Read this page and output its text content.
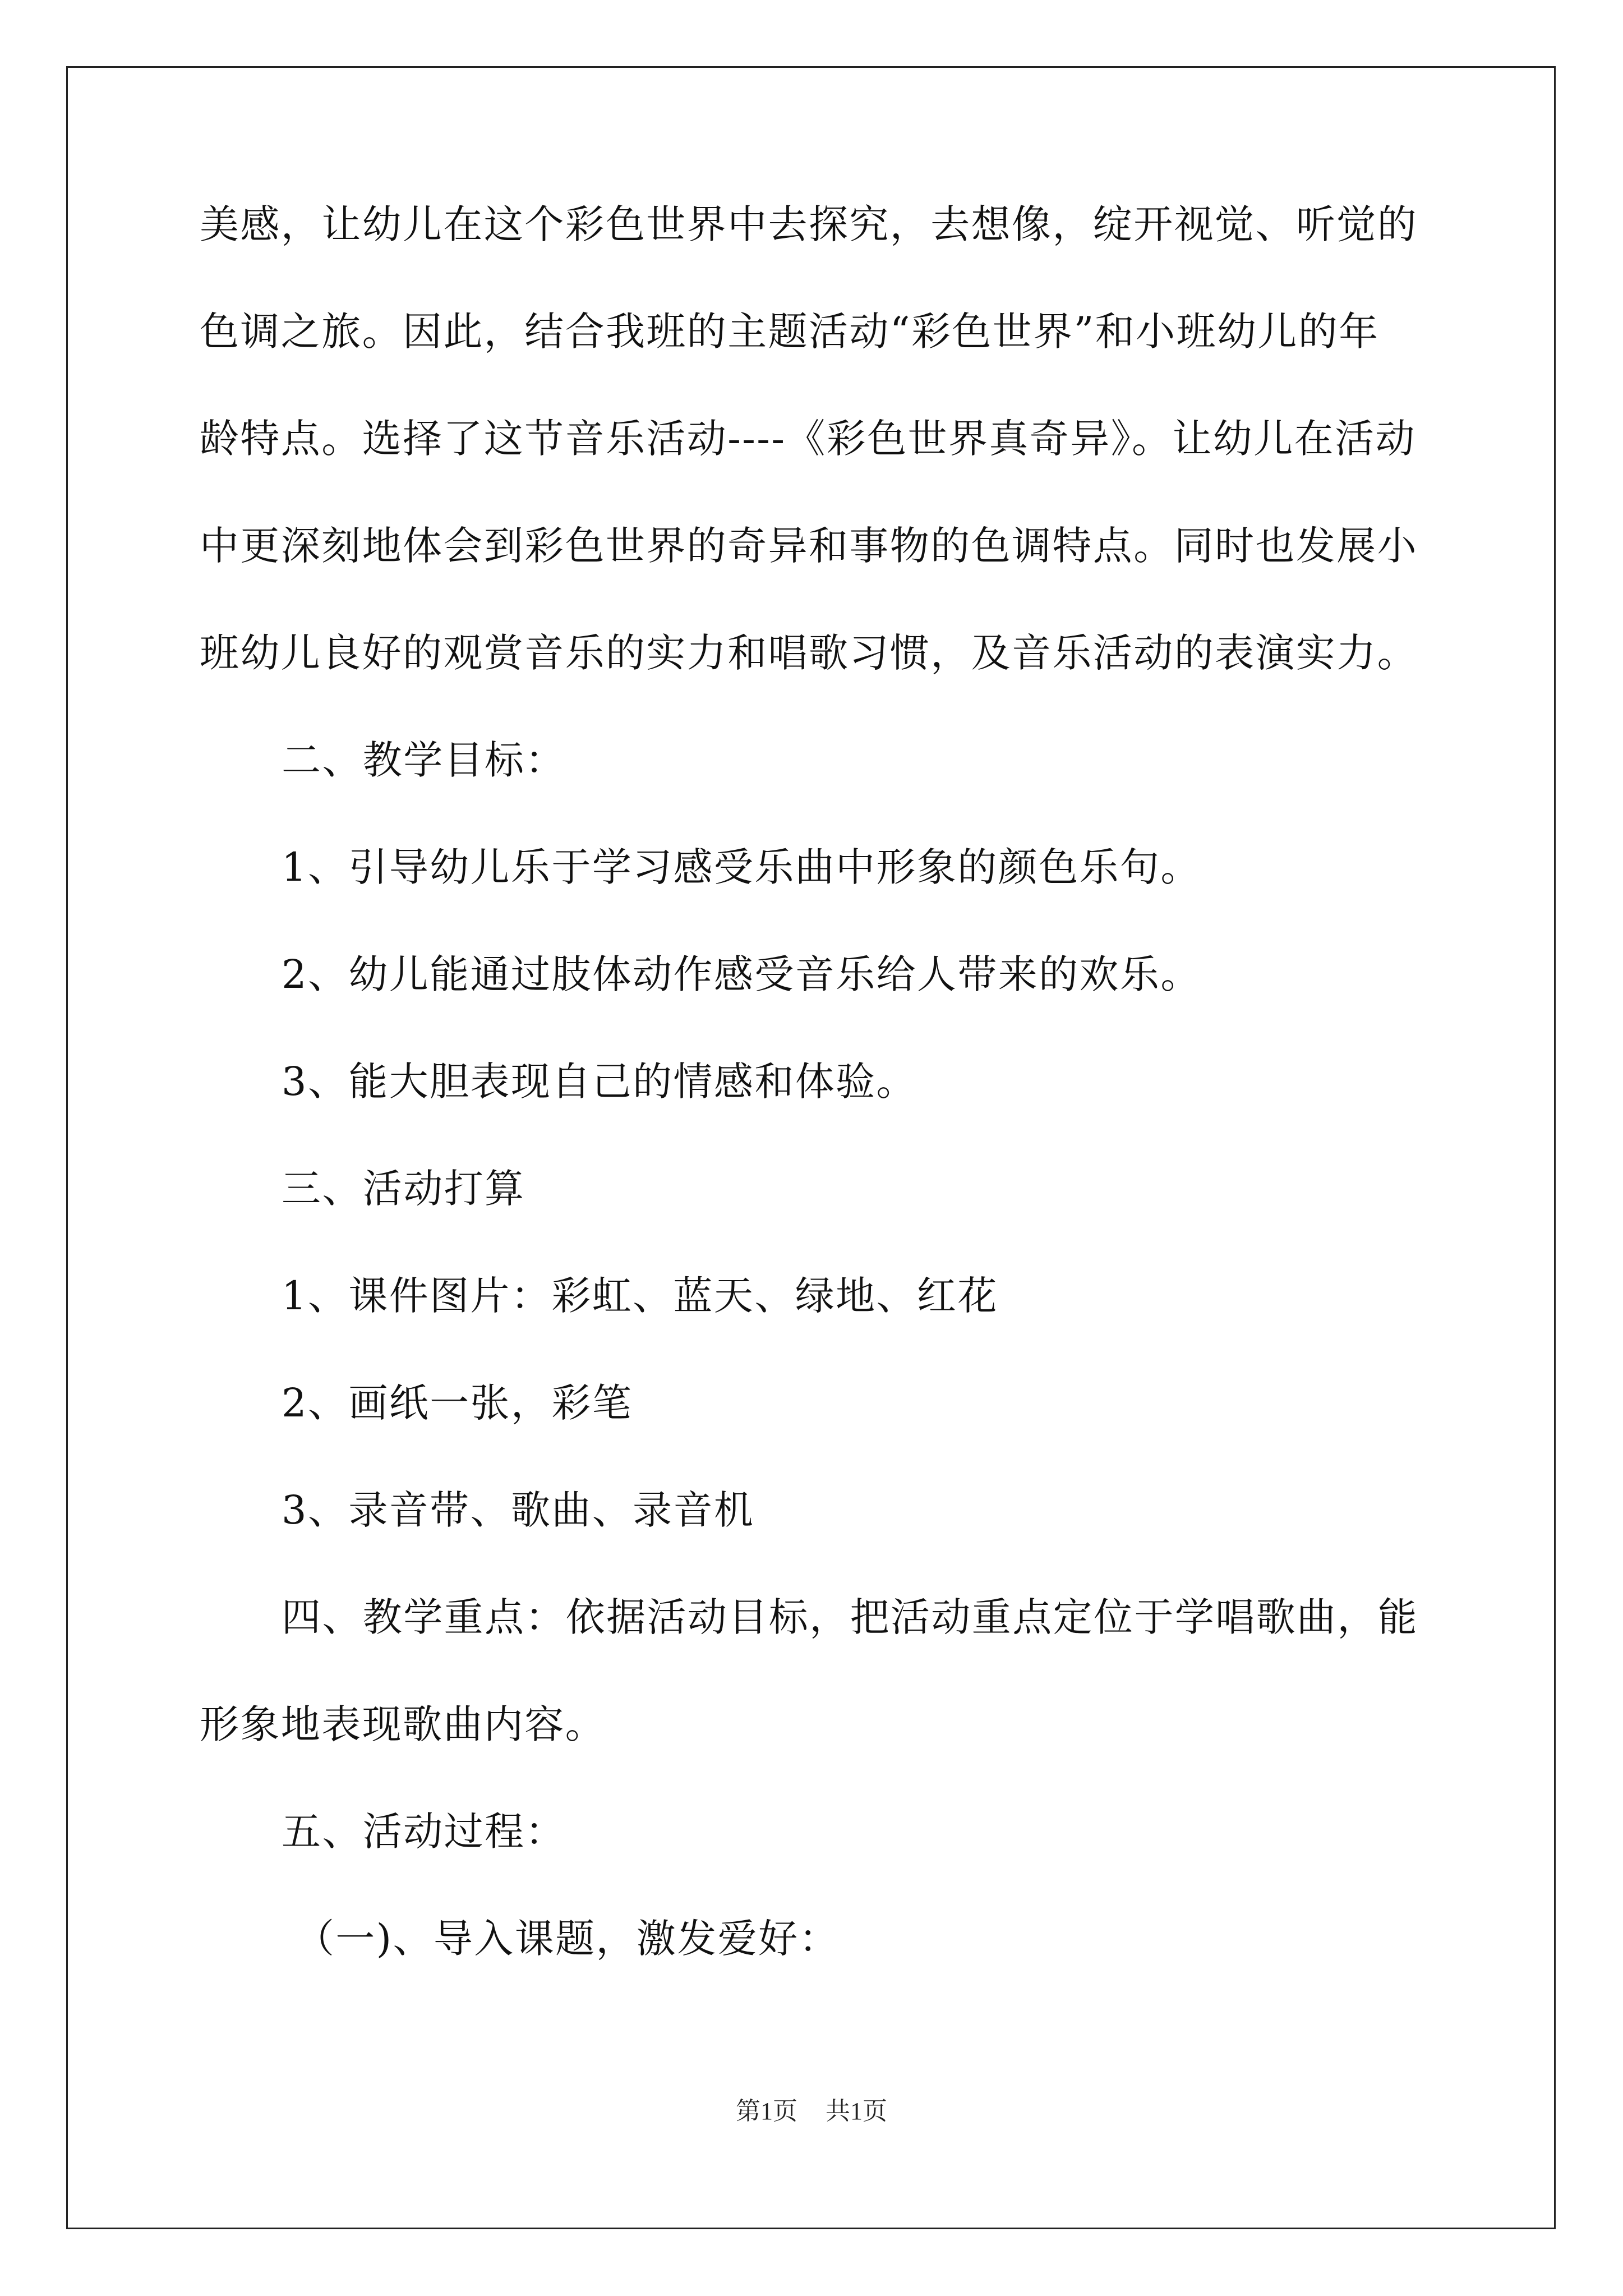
美感，让幼儿在这个彩色世界中去探究，去想像，绽开视觉、听觉的
色调之旅。因此，结合我班的主题活动“彩色世界”和小班幼儿的年
龄特点。选择了这节音乐活动----《彩色世界真奇异》。让幼儿在活动
中更深刻地体会到彩色世界的奇异和事物的色调特点。同时也发展小
班幼儿良好的观赏音乐的实力和唱歌习惯，及音乐活动的表演实力。
二、教学目标：
1、引导幼儿乐于学习感受乐曲中形象的颜色乐句。
2、幼儿能通过肢体动作感受音乐给人带来的欢乐。
3、能大胆表现自己的情感和体验。
三、活动打算
1、课件图片：彩虹、蓝天、绿地、红花
2、画纸一张，彩笔
3、录音带、歌曲、录音机
四、教学重点：依据活动目标，把活动重点定位于学唱歌曲，能
形象地表现歌曲内容。
五、活动过程：
（一)、导入课题，激发爱好：
第1页 共1页
